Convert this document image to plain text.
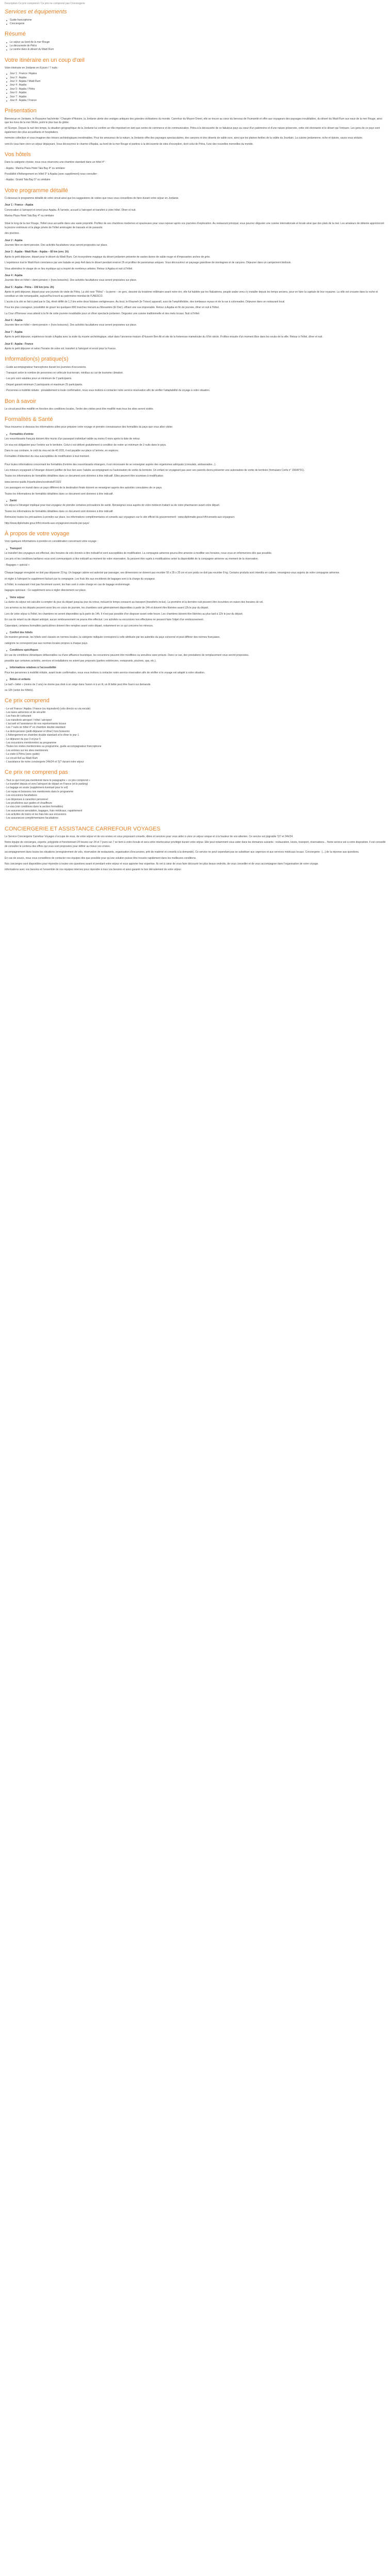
Description Ce prix comprend / Ce prix ne comprend pas Conciergerie

Services et équipements
Guide francophone
Conciergerie
Résumé
Le séjour au bord de la mer Rouge
La découverte de Pétra
Le centre dans le désert du Wadi Rum
Votre itinéraire en un coup d'œil

Votre itinéraire en Jordanie en 8 jours / 7 nuits :

Jour 1 : France / Aqaba
Jour 2 : Aqaba
Jour 3 : Aqaba / Wadi Rum
Jour 4 : Aqaba
Jour 5 : Aqaba / Pétra
Jour 6 : Aqaba
Jour 7 : Aqaba
Jour 8 : Aqaba / France
Présentation

Bienvenue en Jordanie, le Royaume hachémite ! Chargée d'Histoire, la Jordanie abrite des vestiges antiques des grandes civilisations du monde. Carrefour du Moyen-Orient, elle se trouve au cœur du berceau de l'humanité et offre aux voyageurs des paysages inoubliables, du désert du Wadi Rum aux eaux de la mer Rouge, ainsi que les rives de la mer Morte, point le plus bas du globe.

et l'Europe. Depuis la nuit des temps, la situation géographique de la Jordanie lui confère un rôle important en tant que centre de commerce et de communication. Pétra à la découverte de ce fabuleux pays au cœur d'un patrimoine et d'une nature préservée, cette cité étonnante et le désert qui l'entoure. Les gens de ce pays sont également des plus accueillants et hospitaliers.

mémoire collective et vous imaginer des trésors archéologiques inestimables. Pour les amoureux de la nature, la Jordanie offre des paysages spectaculaires, des canyons et des déserts de sable ocre, ainsi que les plaines fertiles de la vallée du Jourdain. La cuisine jordanienne, riche et épicée, saura vous séduire.

vont-ils vous faire vivre un séjour dépaysant. Vous découvrirez le charme d'Aqaba, au bord de la mer Rouge et partirez à la découverte de sites d'exception, dont celui de Pétra, l'une des nouvelles merveilles du monde.

Vos hôtels

Dans la catégorie choisie, nous vous réservons une chambre standard dans un hôtel 4* :

- Aqaba : Marina Plaza Hotel Tala Bay 4* ou similaire

Possibilité d'hébergement en hôtel 5* à Aqaba (avec supplément) nous consulter :

- Aqaba : Grand Tala Bay 5* ou similaire

Votre programme détaillé

Ci-dessous le programme détaillé de votre circuit ainsi que les suggestions de visites que nous vous conseillons de faire durant votre séjour en Jordanie.

Jour 1 : France - Aqaba

Convocation à l'aéroport et envol pour Aqaba. À l'arrivée, accueil à l'aéroport et transfert à votre hôtel. Dîner et nuit.

Marina Plaza Hotel Tala Bay 4* ou similaire

Situé le long de la mer Rouge, l'hôtel vous accueille dans une vaste propriété. Profitez de ses chambres modernes et spacieuses pour vous reposer après vos journées d'exploration. Au restaurant principal, vous pourrez déguster une cuisine internationale et locale ainsi que des plats de la mer. Les amateurs de détente apprécieront la piscine extérieure et la plage privée de l'hôtel aménagée de transats et de parasols.

des piscines.

Jour 2 : Aqaba

Journée libre en demi-pension. Des activités facultatives vous seront proposées sur place.

Jour 3 : Aqaba - Wadi Rum - Aqaba – 60 km (env. 1h)

Après le petit déjeuner, départ pour le désert du Wadi Rum. Cet écosystème magique du désert jordanien présente de vastes dunes de sable rouge et d'imposantes arches de grès.

L'expérience tout le Wadi Rum commence par une balade en jeep 4x4 dans le désert pendant environ 2h et profitez de panoramas uniques. Vous découvrirez un paysage grandiose de montagnes et de canyons. Déjeuner dans un campement bédouin.

Vous atteindrez le visage de ce lieu mystique qui a inspiré de nombreux artistes. Retour à Aqaba et nuit à l'hôtel.

Jour 4 : Aqaba

Journée libre en hôtel + demi-pension + (hors boissons). Des activités facultatives vous seront proposées sur place.

Jour 5 : Aqaba - Pétra – 150 km (env. 2h)

Après le petit déjeuner, départ pour une journée de visite de Pétra. La cité rose "Pétra" – la pierre – en grec, dessiné du troisième millénaire avant notre ère, elle fut habitée par les Nabatéens, peuple arabe venu s'y installer depuis les temps anciens, pour en faire la capitale de leur royaume. La ville est creusée dans la roche et constitue un site remarquable, aujourd'hui inscrit au patrimoine mondial de l'UNESCO.

L'accès à la cité se fait à pied par le Siq, étroit défilé de 1,2 km entre deux falaises vertigineuses. Au bout, le Khazneh (le Trésor) apparaît, suivi de l'amphithéâtre, des tombeaux royaux et de la rue à colonnades. Déjeuner dans un restaurant local.

Pour les plus courageux, possibilité de gravir les quelques 800 marches menant au Monastère (El Deir), offrant une vue imprenable. Retour à Aqaba en fin de journée, dîner et nuit à l'hôtel.

La Cour d'Honneur vous attend à la fin de cette journée inoubliable pour un dîner spectacle jordanien. Dégustez une cuisine traditionnelle et des mets locaux. Nuit à l'hôtel.

Jour 6 : Aqaba

Journée libre en hôtel + demi-pension + (hors boissons). Des activités facultatives vous seront proposées sur place.

Jour 7 : Aqaba

Après le petit déjeuner, expérience locale à Aqaba avec la visite du musée archéologique, situé dans l'ancienne maison d'Hussein Ben Ali et site de la forteresse mamelouke du XIVe siècle. Profitez ensuite d'un moment libre dans les souks de la ville. Retour à l'hôtel, dîner et nuit.

Jour 8 : Aqaba - France

Après le petit déjeuner et selon l'horaire de votre vol, transfert à l'aéroport et envol pour la France.

Information(s) pratique(s)

- Guide accompagnateur francophone durant les journées d'excursions.

- Transport selon le nombre de personnes en véhicule tout-terrain, minibus ou car de tourisme climatisé.

- Les prix sont valables pour un minimum de 2 participants.

- Départ garanti minimum 2 participants et maximum 25 participants.

- Personnes à mobilité réduite : préalablement à toute confirmation, nous vous invitons à contacter notre service réservation afin de vérifier l'adaptabilité du voyage à votre situation.

Bon à savoir

Le circuit peut être modifié en fonction des conditions locales, l'ordre des visites peut être modifié mais tous les sites seront visités.

Formalités & Santé

Vous trouverez ci-dessous les informations utiles pour préparer votre voyage et prendre connaissance des formalités du pays que vous allez visiter.

Formalités d'entrée

Les ressortissants français doivent être munis d'un passeport individuel valide au moins 6 mois après la date de retour.

Un visa est obligatoire pour l'entrée sur le territoire. Celui-ci est délivré gratuitement à condition de rester un minimum de 2 nuits dans le pays.

Dans le cas contraire, le coût du visa est de 40 JOD, il est payable sur place à l'arrivée, en espèces.

Formalités d'obtention du visa susceptibles de modification à tout moment.

Pour toutes informations concernant les formalités d'entrée des ressortissants étrangers, il est nécessaire de se renseigner auprès des organismes adéquats (consulats, ambassades...).

Les mineurs voyageant à l'étranger doivent justifier de leur lien avec l'adulte accompagnant ou l'autorisation de sortie du territoire. Un enfant ne voyageant pas avec ses parents devra présenter une autorisation de sortie de territoire (formulaire Cerfa n° 15646*01).

Toutes les informations de formalités détaillées dans ce document sont données à titre indicatif. Elles peuvent être soumises à modification.

www.service-public.fr/particuliers/vosdroits/F1922

Les passagers en transit dans un pays différent de la destination finale doivent se renseigner auprès des autorités consulaires de ce pays.

Toutes les informations de formalités détaillées dans ce document sont données à titre indicatif.

Santé

Un séjour à l'étranger implique pour tout voyageur de prendre certaines précautions de santé. Renseignez-vous auprès de votre médecin traitant ou de votre pharmacien avant votre départ.

Toutes les informations de formalités détaillées dans ce document sont données à titre indicatif.

Retrouvez toutes les précautions à prendre sur place, les informations complémentaires et conseils aux voyageurs sur le site officiel du gouvernement : www.diplomatie.gouv.fr/fr/conseils-aux-voyageurs

http://www.diplomatie.gouv.fr/fr/conseils-aux-voyageurs/conseils-par-pays/

À propos de votre voyage

Voici quelques informations à prendre en considération concernant votre voyage :

Transport

Le transfert des voyageurs est effectué, des horaires de vols donnés à titre indicatif et sont susceptibles de modification. La compagnie aérienne pourra être amenée à modifier ses horaires, nous vous en informerions dès que possible.

Les prix et les conditions tarifaires vous sont communiqués à titre indicatif au moment de votre réservation. Ils peuvent être sujets à modifications selon la disponibilité de la compagnie aérienne au moment de la réservation.

- Bagages + spécial +

Chaque bagage enregistré ne doit pas dépasser 23 kg. Un bagage cabine est autorisé par passager, ses dimensions ne doivent pas excéder 55 x 35 x 25 cm et son poids ne doit pas excéder 8 kg. Certains produits sont interdits en cabine, renseignez-vous auprès de votre compagnie aérienne.

et régler à l'aéroport le supplément facturé par la compagnie. Les frais liés aux excédents de bagages sont à la charge du voyageur.

à l'hôtel, le restaurant n'est pas forcément ouvert, les frais sont à votre charge en cas de bagage endommagé.

bagages spéciaux : Ce supplément sera à régler directement sur place.

Votre séjour

La durée du séjour est calculée à compter du jour du départ jusqu'au jour du retour, incluant le temps consacré au transport (transferts inclus). La première et la dernière nuit peuvent être écourtées en raison des horaires de vol.

Les arrivées ou les départs peuvent avoir lieu en cours de journée, les chambres sont généralement disponibles à partir de 14h et doivent être libérées avant 12h le jour du départ.

Lors de votre séjour à l'hôtel, les chambres ne seront disponibles qu'à partir de 14h. Il n'est pas possible d'en disposer avant cette heure. Les chambres doivent être libérées au plus tard à 12h le jour du départ.

En cas de retard ou de départ anticipé, aucun remboursement ne pourra être effectué. Les activités ou excursions non effectuées ne peuvent faire l'objet d'un remboursement.

Cependant, certaines formalités particulières doivent être remplies avant votre départ, notamment en ce qui concerne les mineurs.

Confort des hôtels

De manière générale, les hôtels sont classés en normes locales, la catégorie indiquée correspond à celle attribuée par les autorités du pays concerné et peut différer des normes françaises.

catégorie ne correspond pas aux normes locales propres à chaque pays.

Conditions spécifiques

En cas de conditions climatiques défavorables ou d'une affluence touristique, les excursions peuvent être modifiées ou annulées sans préavis. Dans ce cas, des prestations de remplacement vous seront proposées.

possible que certaines activités, services et installations ne soient pas proposés (parties extérieures, restaurants, piscines, spa, etc.).

Informations relatives à l'accessibilité

Pour les personnes à mobilité réduite, avant toute confirmation, nous vous invitons à contacter notre service réservation afin de vérifier si le voyage est adapté à votre situation.

Bébés et enfants

Le tarif « bébé » (moins de 2 ans) ne donne pas droit à un siège dans l'avion ni à un lit, un lit bébé peut être fourni sur demande.

ou 12h (selon les hôtels).

Ce prix comprend

- Le vol France / Aqaba / France (ou équivalent) (vols directs ou via escale)

- Les taxes aériennes et de sécurité

- Les frais de carburant

- Les transferts aéroport / hôtel / aéroport

- L'accueil et l'assistance de nos représentants locaux

- Les 7 nuits en hôtel 4* en chambre double standard

- La demi-pension (petit-déjeuner et dîner) hors boissons

- L'hébergement en chambre double standard et le dîner le jour 1

- Le déjeuner du jour 3 et jour 5

- Les excursions mentionnées au programme

- Toutes les visites mentionnées au programme, guide accompagnateur francophone

- Les entrées sur les sites mentionnés

- La visite à Pétra (avec guide)

- Le circuit 4x4 au Wadi Rum

- L'assistance de notre conciergerie 24h/24 et 7j/7 durant votre séjour

Ce prix ne comprend pas

- Tout ce qui n'est pas mentionné dans le paragraphe « ce prix comprend »

- Le transfert depuis et vers l'aéroport de départ en France (et le parking)

- Le bagage en soute (supplément éventuel pour le vol)

- Les repas et boissons non mentionnés dans le programme

- Les excursions facultatives

- Les dépenses à caractère personnel

- Les pourboires aux guides et chauffeurs

- Le visa (voir conditions dans la section formalités)

- Les assurances annulation, bagages, frais médicaux, rapatriement

- Les activités de loisirs et les frais liés aux excursions

- Les assurances complémentaires facultatives

CONCIERGERIE ET ASSISTANCE CARREFOUR VOYAGES

Le Service Conciergerie Carrefour Voyages s'occupe de vous, de votre séjour et de vos envies en vous proposant conseils, idées et services pour vous aider à vivre un séjour unique et à la hauteur de vos attentes. Ce service est joignable 7j/7 et 24h/24.

Notre équipe de concierges, experte, polyglotte et fonctionnant 24 heures sur 24 et 7 jours sur 7 se tient à votre écoute et sera votre interlocuteur privilégié durant votre séjour. Elle peut notamment vous aider dans les domaines suivants : restauration, loisirs, transport, réservations... Notre service est à votre disposition. Il est conseillé de consulter le contenu des offres qui vous sont proposées pour définir au mieux vos envies.

accompagnement dans toutes les situations (enregistrement de vols, réservation de restaurants, organisation d'excursions, prêt de matériel et conseils à la demande). Ce service ne peut cependant pas se substituer aux urgences et aux services médicaux locaux. Conciergerie : [...] de la réponse aux questions.

En cas de soucis, nous vous conseillons de contacter nos équipes dès que possible pour qu'une solution puisse être trouvée rapidement dans les meilleures conditions.

Nos concierges sont disponibles pour répondre à toutes vos questions avant et pendant votre séjour et vous apporter leur expertise. Ils ont à cœur de vous faire découvrir les plus beaux endroits, de vous conseiller et de vous accompagner dans l'organisation de votre voyage.

informations avec vos besoins et l'ensemble de nos équipes internes pour répondre à tous vos besoins et ainsi garantir le bon déroulement de votre séjour.
